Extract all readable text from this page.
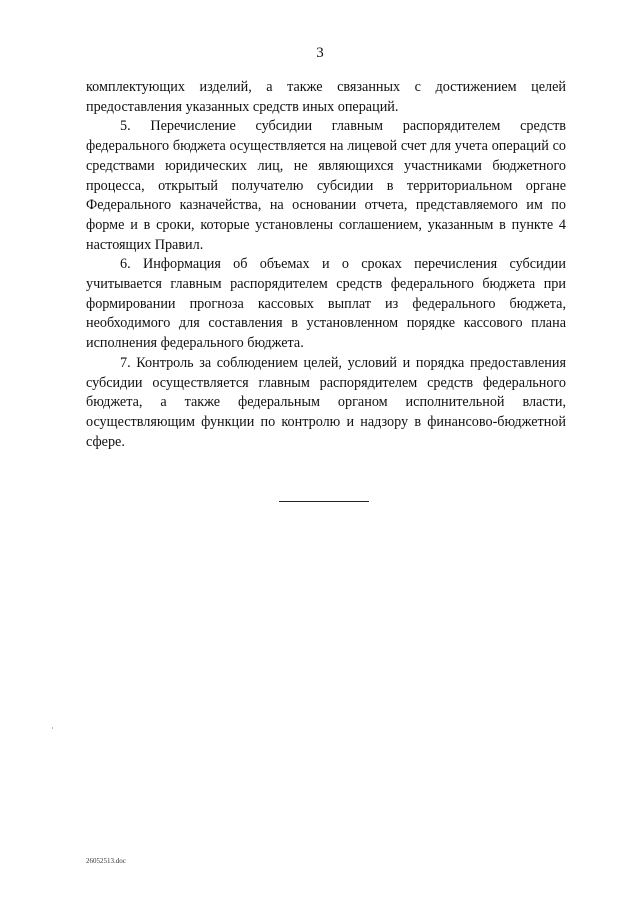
3

комплектующих изделий, а также связанных с достижением целей предоставления указанных средств иных операций.

5. Перечисление субсидии главным распорядителем средств федерального бюджета осуществляется на лицевой счет для учета операций со средствами юридических лиц, не являющихся участниками бюджетного процесса, открытый получателю субсидии в территориальном органе Федерального казначейства, на основании отчета, представляемого им по форме и в сроки, которые установлены соглашением, указанным в пункте 4 настоящих Правил.

6. Информация об объемах и о сроках перечисления субсидии учитывается главным распорядителем средств федерального бюджета при формировании прогноза кассовых выплат из федерального бюджета, необходимого для составления в установленном порядке кассового плана исполнения федерального бюджета.

7. Контроль за соблюдением целей, условий и порядка предоставления субсидии осуществляется главным распорядителем средств федерального бюджета, а также федеральным органом исполнительной власти, осуществляющим функции по контролю и надзору в финансово-бюджетной сфере.

26052513.doc
